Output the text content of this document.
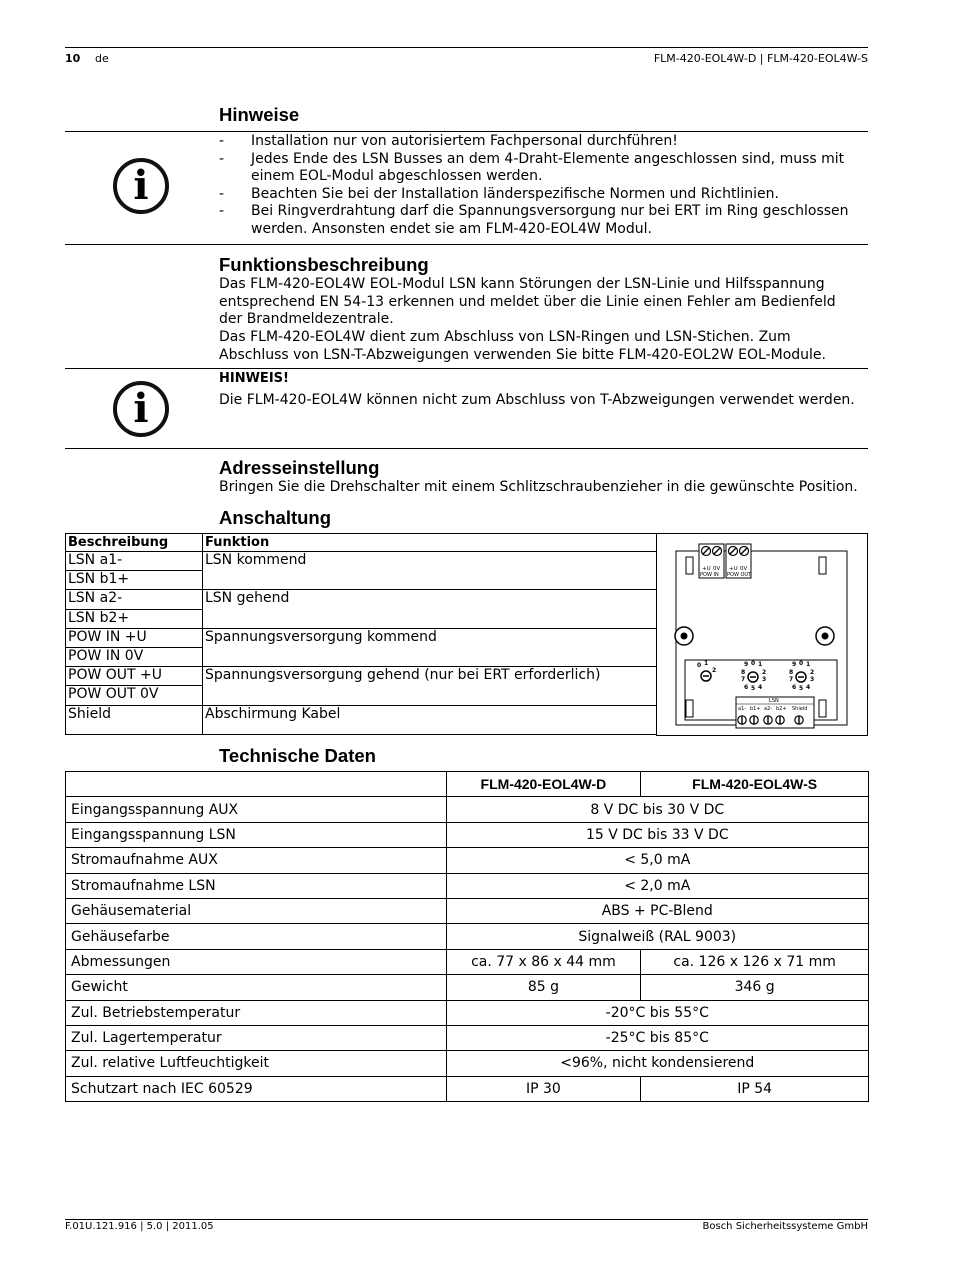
10 de	FLM-420-EOL4W-D | FLM-420-EOL4W-S
Hinweise
i
- Installation nur von autorisiertem Fachpersonal durchführen!
- Jedes Ende des LSN Busses an dem 4-Draht-Elemente angeschlossen sind, muss mit einem EOL-Modul abgeschlossen werden.
- Beachten Sie bei der Installation länderspezifische Normen und Richtlinien.
- Bei Ringverdrahtung darf die Spannungsversorgung nur bei ERT im Ring geschlossen werden. Ansonsten endet sie am FLM-420-EOL4W Modul.
Funktionsbeschreibung
Das FLM-420-EOL4W EOL-Modul LSN kann Störungen der LSN-Linie und Hilfsspannung entsprechend EN 54-13 erkennen und meldet über die Linie einen Fehler am Bedienfeld der Brandmeldezentrale.
Das FLM-420-EOL4W dient zum Abschluss von LSN-Ringen und LSN-Stichen. Zum Abschluss von LSN-T-Abzweigungen verwenden Sie bitte FLM-420-EOL2W EOL-Module.
i
HINWEIS!
Die FLM-420-EOL4W können nicht zum Abschluss von T-Abzweigungen verwendet werden.
Adresseinstellung
Bringen Sie die Drehschalter mit einem Schlitzschraubenzieher in die gewünschte Position.
Anschaltung
Beschreibung	Funktion
LSN a1-	LSN kommend
LSN b1+	
LSN a2-	LSN gehend
LSN b2+	
POW IN +U	Spannungsversorgung kommend
POW IN 0V	
POW OUT +U	Spannungsversorgung gehend (nur bei ERT erforderlich)
POW OUT 0V	
Shield	Abschirmung Kabel
+U 0V
POW IN
+U 0V
POW OUT
0 1
2
9 0 1
8	2
7	3
6 5 4
9 0 1
8	2
7	3
6 5 4
LSN
a1- b1+ a2- b2+ Shield
Technische Daten
	FLM-420-EOL4W-D	FLM-420-EOL4W-S
Eingangsspannung AUX	8 V DC bis 30 V DC	
Eingangsspannung LSN	15 V DC bis 33 V DC	
Stromaufnahme AUX	< 5,0 mA	
Stromaufnahme LSN	< 2,0 mA	
Gehäusematerial	ABS + PC-Blend	
Gehäusefarbe	Signalweiß (RAL 9003)	
Abmessungen	ca. 77 x 86 x 44 mm	ca. 126 x 126 x 71 mm
Gewicht	85 g	346 g
Zul. Betriebstemperatur	-20°C bis 55°C	
Zul. Lagertemperatur	-25°C bis 85°C	
Zul. relative Luftfeuchtigkeit	<96%, nicht kondensierend	
Schutzart nach IEC 60529	IP 30	IP 54
F.01U.121.916 | 5.0 | 2011.05	Bosch Sicherheitssysteme GmbH
